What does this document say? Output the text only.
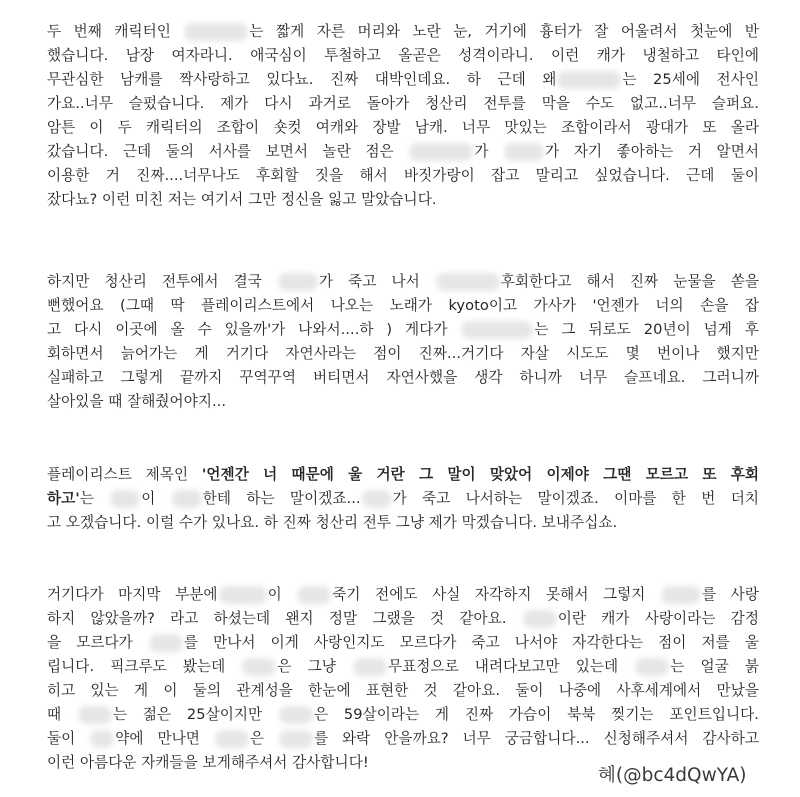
두 번째 캐릭터인	는 짧게 자른 머리와 노란 눈, 거기에 흉터가 잘 어울려서 첫눈에 반
했습니다. 남장 여자라니. 애국심이 투철하고 올곧은 성격이라니. 이런 캐가 냉철하고 타인에
무관심한 남캐를 짝사랑하고 있다뇨. 진짜 대박인데요. 하 근데 왜	는 25세에 전사인
가요..너무 슬펐습니다. 제가 다시 과거로 돌아가 청산리 전투를 막을 수도 없고..너무 슬퍼요.
암튼 이 두 캐릭터의 조합이 숏컷 여캐와 장발 남캐. 너무 맛있는 조합이라서 광대가 또 올라
갔습니다. 근데 둘의 서사를 보면서 놀란 점은	가	가 자기 좋아하는 거 알면서
이용한 거 진짜....너무나도 후회할 짓을 해서 바짓가랑이 잡고 말리고 싶었습니다. 근데 둘이
잤다뇨? 이런 미친 저는 여기서 그만 정신을 잃고 말았습니다.
하지만 청산리 전투에서 결국	가 죽고 나서	후회한다고 해서 진짜 눈물을 쏟을
뻔했어요 (그때 딱 플레이리스트에서 나오는 노래가 kyoto이고 가사가 '언젠가 너의 손을 잡
고 다시 이곳에 올 수 있을까'가 나와서....하 ) 게다가	는 그 뒤로도 20년이 넘게 후
회하면서 늙어가는 게 거기다 자연사라는 점이 진짜...거기다 자살 시도도 몇 번이나 했지만
실패하고 그렇게 끝까지 꾸역꾸역 버티면서 자연사했을 생각 하니까 너무 슬프네요. 그러니까
살아있을 때 잘해줬어야지...
플레이리스트 제목인 '언젠간 너 때문에 울 거란 그 말이 맞았어 이제야 그땐 모르고 또 후회
하고'는 이 한테 하는 말이겠죠... 가 죽고 나서하는 말이겠죠. 이마를 한 번 더치
고 오겠습니다. 이럴 수가 있나요. 하 진짜 청산리 전투 그냥 제가 막겠습니다. 보내주십쇼.
거기다가 마지막 부분에	이 죽기 전에도 사실 자각하지 못해서 그렇지	를 사랑
하지 않았을까? 라고 하셨는데 왠지 정말 그랬을 것 같아요. 이란 캐가 사랑이라는 감정
을 모르다가 를 만나서 이게 사랑인지도 모르다가 죽고 나서야 자각한다는 점이 저를 울
립니다. 픽크루도 봤는데 은 그냥 무표정으로 내려다보고만 있는데 는 얼굴 붉
히고 있는 게 이 둘의 관계성을 한눈에 표현한 것 같아요. 둘이 나중에 사후세계에서 만났을
때 는 젊은 25살이지만 은 59살이라는 게 진짜 가슴이 북북 찢기는 포인트입니다.
둘이 약에 만나면 은 를 와락 안을까요? 너무 궁금합니다... 신청해주셔서 감사하고
이런 아름다운 자캐들을 보게해주셔서 감사합니다!
혜(@bc4dQwYA)
